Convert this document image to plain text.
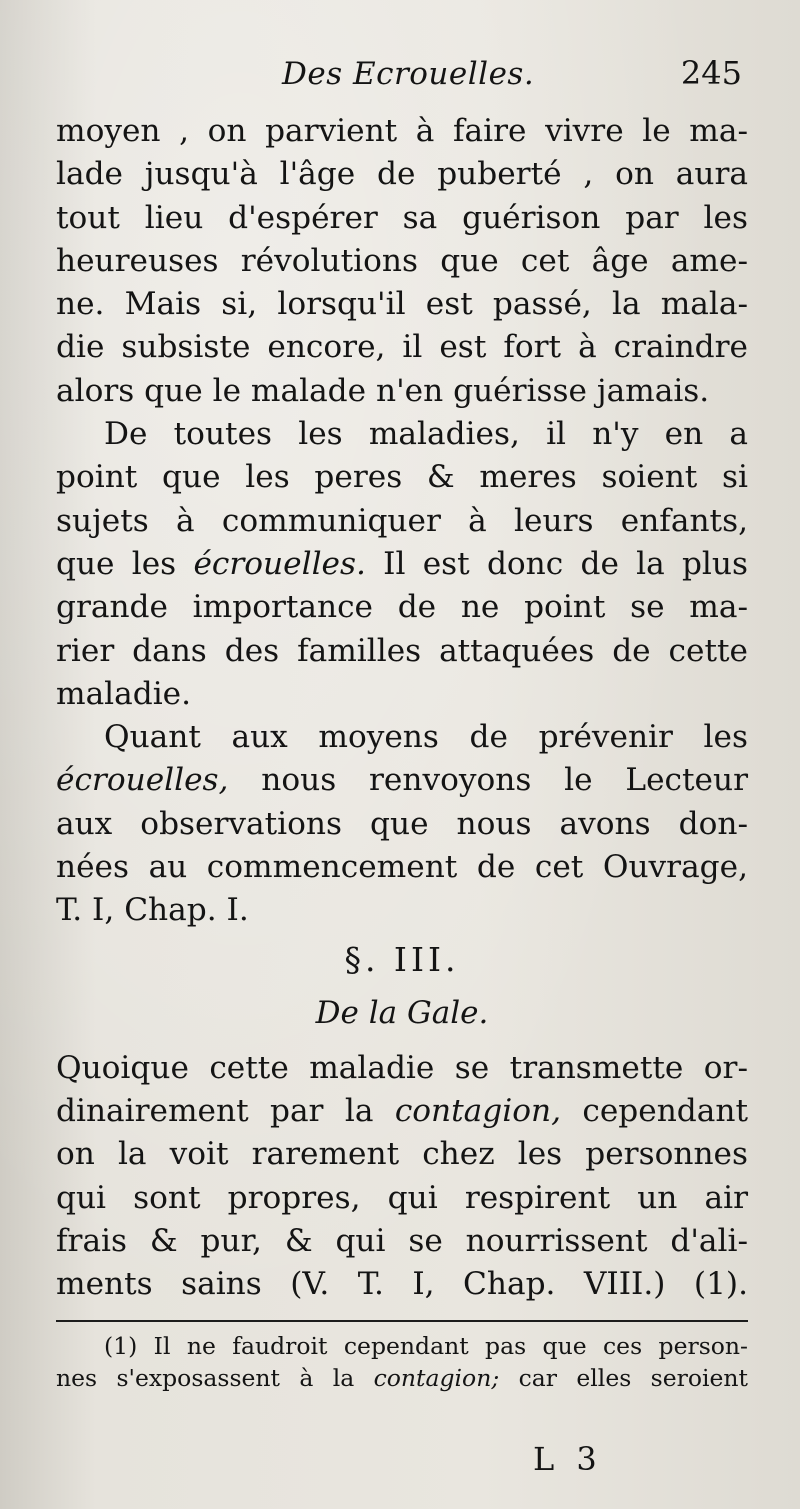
Des Ecrouelles.	245
moyen , on parvient à faire vivre le ma-
lade jusqu'à l'âge de puberté , on aura
tout lieu d'espérer sa guérison par les
heureuses révolutions que cet âge ame-
ne. Mais si, lorsqu'il est passé, la mala-
die subsiste encore, il est fort à craindre
alors que le malade n'en guérisse jamais.
De toutes les maladies, il n'y en a
point que les peres & meres soient si
sujets à communiquer à leurs enfants,
que les écrouelles. Il est donc de la plus
grande importance de ne point se ma-
rier dans des familles attaquées de cette
maladie.
Quant aux moyens de prévenir les
écrouelles, nous renvoyons le Lecteur
aux observations que nous avons don-
nées au commencement de cet Ouvrage,
T. I, Chap. I.
§. III.
De la Gale.
Quoique cette maladie se transmette or-
dinairement par la contagion, cependant
on la voit rarement chez les personnes
qui sont propres, qui respirent un air
frais & pur, & qui se nourrissent d'ali-
ments sains (V. T. I, Chap. VIII.) (1).
(1) Il ne faudroit cependant pas que ces person-
nes s'exposassent à la contagion; car elles seroient
L 3
